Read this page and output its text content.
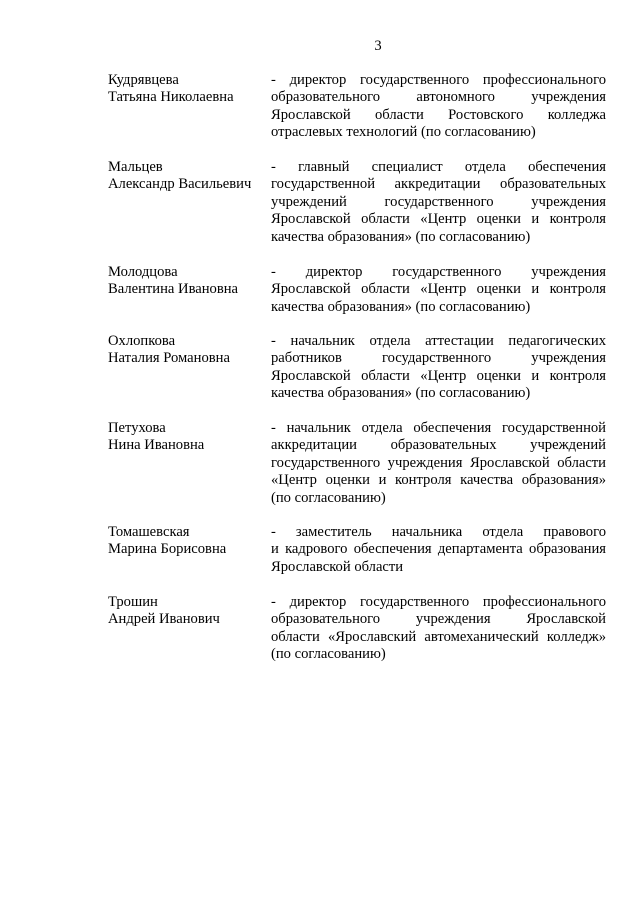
3
Кудрявцева
Татьяна Николаевна
- директор государственного профессионального
образовательного автономного учреждения
Ярославской области Ростовского колледжа
отраслевых технологий (по согласованию)
Мальцев
Александр Васильевич
- главный специалист отдела обеспечения
государственной аккредитации образовательных
учреждений государственного учреждения
Ярославской области «Центр оценки и контроля
качества образования» (по согласованию)
Молодцова
Валентина Ивановна
- директор государственного учреждения
Ярославской области «Центр оценки и контроля
качества образования» (по согласованию)
Охлопкова
Наталия Романовна
- начальник отдела аттестации педагогических
работников государственного учреждения
Ярославской области «Центр оценки и контроля
качества образования» (по согласованию)
Петухова
Нина Ивановна
- начальник отдела обеспечения государственной
аккредитации образовательных учреждений
государственного учреждения Ярославской области
«Центр оценки и контроля качества образования»
(по согласованию)
Томашевская
Марина Борисовна
- заместитель начальника отдела правового
и кадрового обеспечения департамента образования
Ярославской области
Трошин
Андрей Иванович
- директор государственного профессионального
образовательного учреждения Ярославской
области «Ярославский автомеханический колледж»
(по согласованию)
